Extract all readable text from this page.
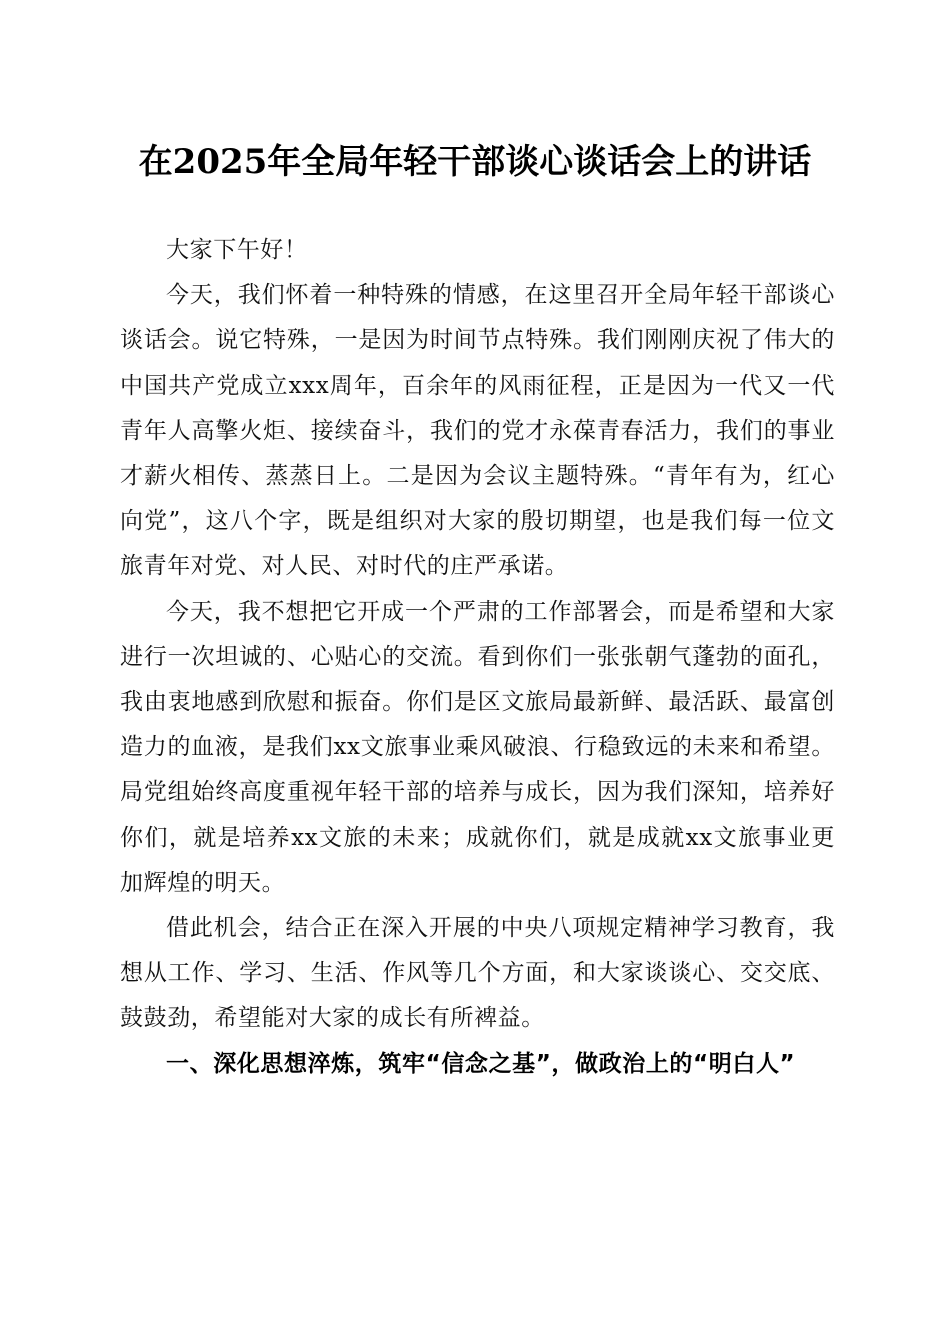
在2025年全局年轻干部谈心谈话会上的讲话

大家下午好！

今天，我们怀着一种特殊的情感，在这里召开全局年轻干部谈心谈话会。说它特殊，一是因为时间节点特殊。我们刚刚庆祝了伟大的中国共产党成立xxx周年，百余年的风雨征程，正是因为一代又一代青年人高擎火炬、接续奋斗，我们的党才永葆青春活力，我们的事业才薪火相传、蒸蒸日上。二是因为会议主题特殊。“青年有为，红心向党”，这八个字，既是组织对大家的殷切期望，也是我们每一位文旅青年对党、对人民、对时代的庄严承诺。

今天，我不想把它开成一个严肃的工作部署会，而是希望和大家进行一次坦诚的、心贴心的交流。看到你们一张张朝气蓬勃的面孔，我由衷地感到欣慰和振奋。你们是区文旅局最新鲜、最活跃、最富创造力的血液，是我们xx文旅事业乘风破浪、行稳致远的未来和希望。局党组始终高度重视年轻干部的培养与成长，因为我们深知，培养好你们，就是培养xx文旅的未来；成就你们，就是成就xx文旅事业更加辉煌的明天。

借此机会，结合正在深入开展的中央八项规定精神学习教育，我想从工作、学习、生活、作风等几个方面，和大家谈谈心、交交底、鼓鼓劲，希望能对大家的成长有所裨益。

一、深化思想淬炼，筑牢“信念之基”，做政治上的“明白人”
